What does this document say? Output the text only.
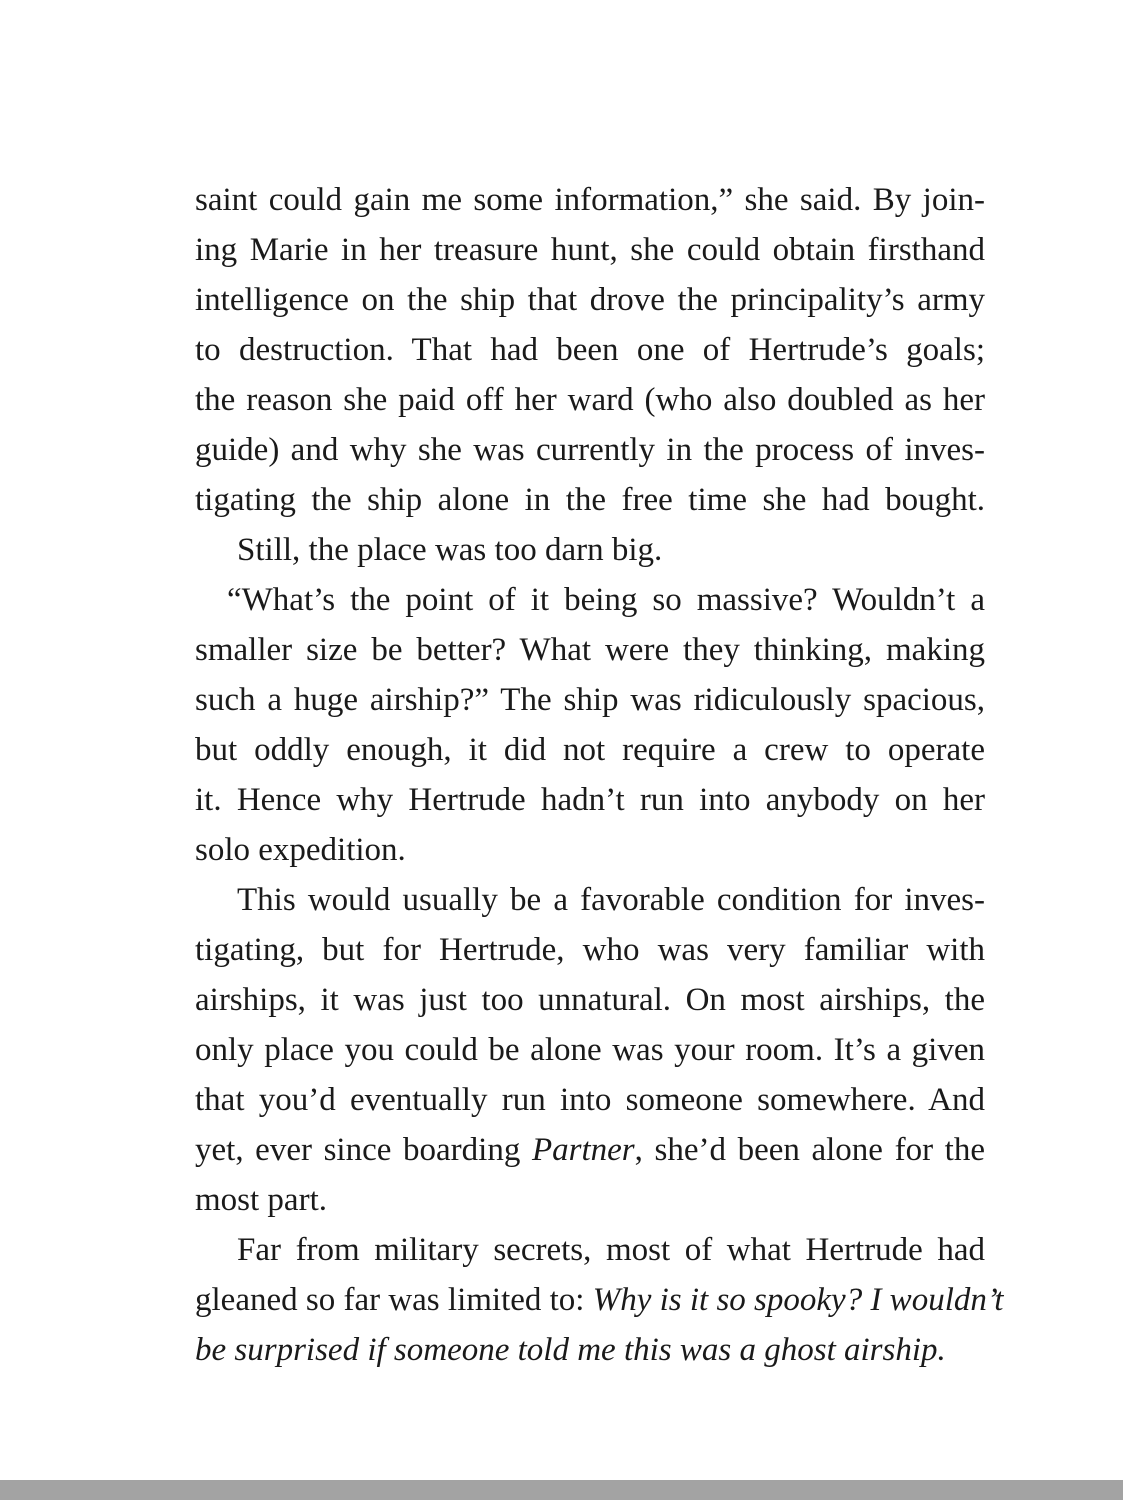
saint could gain me some information,” she said. By join-
ing Marie in her treasure hunt, she could obtain firsthand
intelligence on the ship that drove the principality’s army
to destruction. That had been one of Hertrude’s goals;
the reason she paid off her ward (who also doubled as her
guide) and why she was currently in the process of inves-
tigating the ship alone in the free time she had bought.
Still, the place was too darn big.
“What’s the point of it being so massive? Wouldn’t a
smaller size be better? What were they thinking, making
such a huge airship?” The ship was ridiculously spacious,
but oddly enough, it did not require a crew to operate
it. Hence why Hertrude hadn’t run into anybody on her
solo expedition.
This would usually be a favorable condition for inves-
tigating, but for Hertrude, who was very familiar with
airships, it was just too unnatural. On most airships, the
only place you could be alone was your room. It’s a given
that you’d eventually run into someone somewhere. And
yet, ever since boarding Partner, she’d been alone for the
most part.
Far from military secrets, most of what Hertrude had
gleaned so far was limited to: Why is it so spooky? I wouldn’t
be surprised if someone told me this was a ghost airship.
